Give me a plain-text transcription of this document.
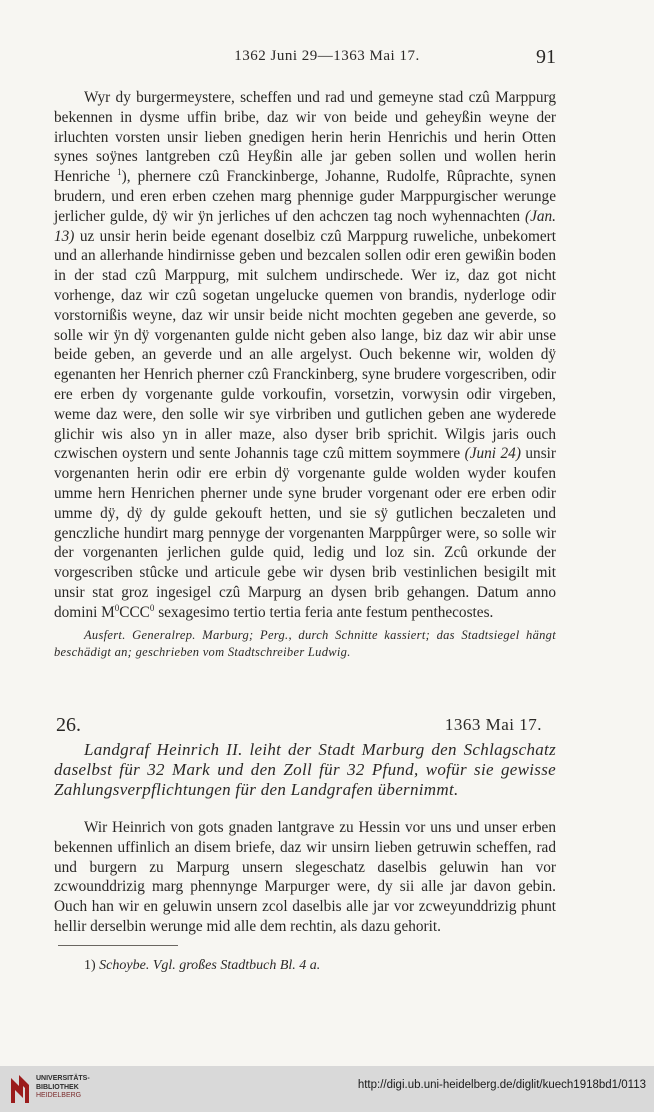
1362 Juni 29—1363 Mai 17.	91

Wyr dy burgermeystere, scheffen und rad und gemeyne stad czû Marppurg bekennen in dysme uffin bribe, daz wir von beide und geheyßin weyne der irluchten vorsten unsir lieben gnedigen herin herin Henrichis und herin Otten synes soÿnes lantgreben czû Heyßin alle jar geben sollen und wollen herin Henriche $^1$), phernere czû Franckinberge, Johanne, Rudolfe, Rûprachte, synen brudern, und eren erben czehen marg phennige guder Marppurgischer werunge jerlicher gulde, dÿ wir ÿn jerliches uf den achczen tag noch wyhennachten (Jan. 13) uz unsir herin beide egenant doselbiz czû Marppurg ruweliche, unbekomert und an allerhande hindirnisse geben und bezcalen sollen odir eren gewißin boden in der stad czû Marppurg, mit sulchem undirschede. Wer iz, daz got nicht vorhenge, daz wir czû sogetan ungelucke quemen von brandis, nyderloge odir vorstornißis weyne, daz wir unsir beide nicht mochten gegeben ane geverde, so solle wir ÿn dÿ vorgenanten gulde nicht geben also lange, biz daz wir abir unse beide geben, an geverde und an alle argelyst. Ouch bekenne wir, wolden dÿ egenanten her Henrich pherner czû Franckinberg, syne brudere vorgescriben, odir ere erben dy vorgenante gulde vorkoufin, vorsetzin, vorwysin odir virgeben, weme daz were, den solle wir sye virbriben und gutlichen geben ane wyderede glichir wis also yn in aller maze, also dyser brib sprichit. Wilgis jaris ouch czwischen oystern und sente Johannis tage czû mittem soymmere (Juni 24) unsir vorgenanten herin odir ere erbin dÿ vorgenante gulde wolden wyder koufen umme hern Henrichen pherner unde syne bruder vorgenant oder ere erben odir umme dÿ, dÿ dy gulde gekouft hetten, und sie sÿ gutlichen beczaleten und genczliche hundirt marg pennyge der vorgenanten Marppûrger were, so solle wir der vorgenanten jerlichen gulde quid, ledig und loz sin. Zcû orkunde der vorgescriben stûcke und articule gebe wir dysen brib vestinlichen besigilt mit unsir stat groz ingesigel czû Marpurg an dysen brib gehangen. Datum anno domini $M^0CCC^0$ sexagesimo tertio tertia feria ante festum penthecostes.

Ausfert. Generalrep. Marburg; Perg., durch Schnitte kassiert; das Stadtsiegel hängt beschädigt an; geschrieben vom Stadtschreiber Ludwig.

26.	1363 Mai 17.

Landgraf Heinrich II. leiht der Stadt Marburg den Schlagschatz daselbst für 32 Mark und den Zoll für 32 Pfund, wofür sie gewisse Zahlungsverpflichtungen für den Landgrafen übernimmt.

Wir Heinrich von gots gnaden lantgrave zu Hessin vor uns und unser erben bekennen uffinlich an disem briefe, daz wir unsirn lieben getruwin scheffen, rad und burgern zu Marpurg unsern slegeschatz daselbis geluwin han vor zcwounddrizig marg phennynge Marpurger were, dy sii alle jar davon gebin. Ouch han wir en geluwin unsern zcol daselbis alle jar vor zcweyunddrizig phunt hellir derselbin werunge mid alle dem rechtin, als dazu gehorit.

1) Schoybe. Vgl. großes Stadtbuch Bl. 4 a.
UNIVERSITÄTS-
BIBLIOTHEK
HEIDELBERG
http://digi.ub.uni-heidelberg.de/diglit/kuech1918bd1/0113
